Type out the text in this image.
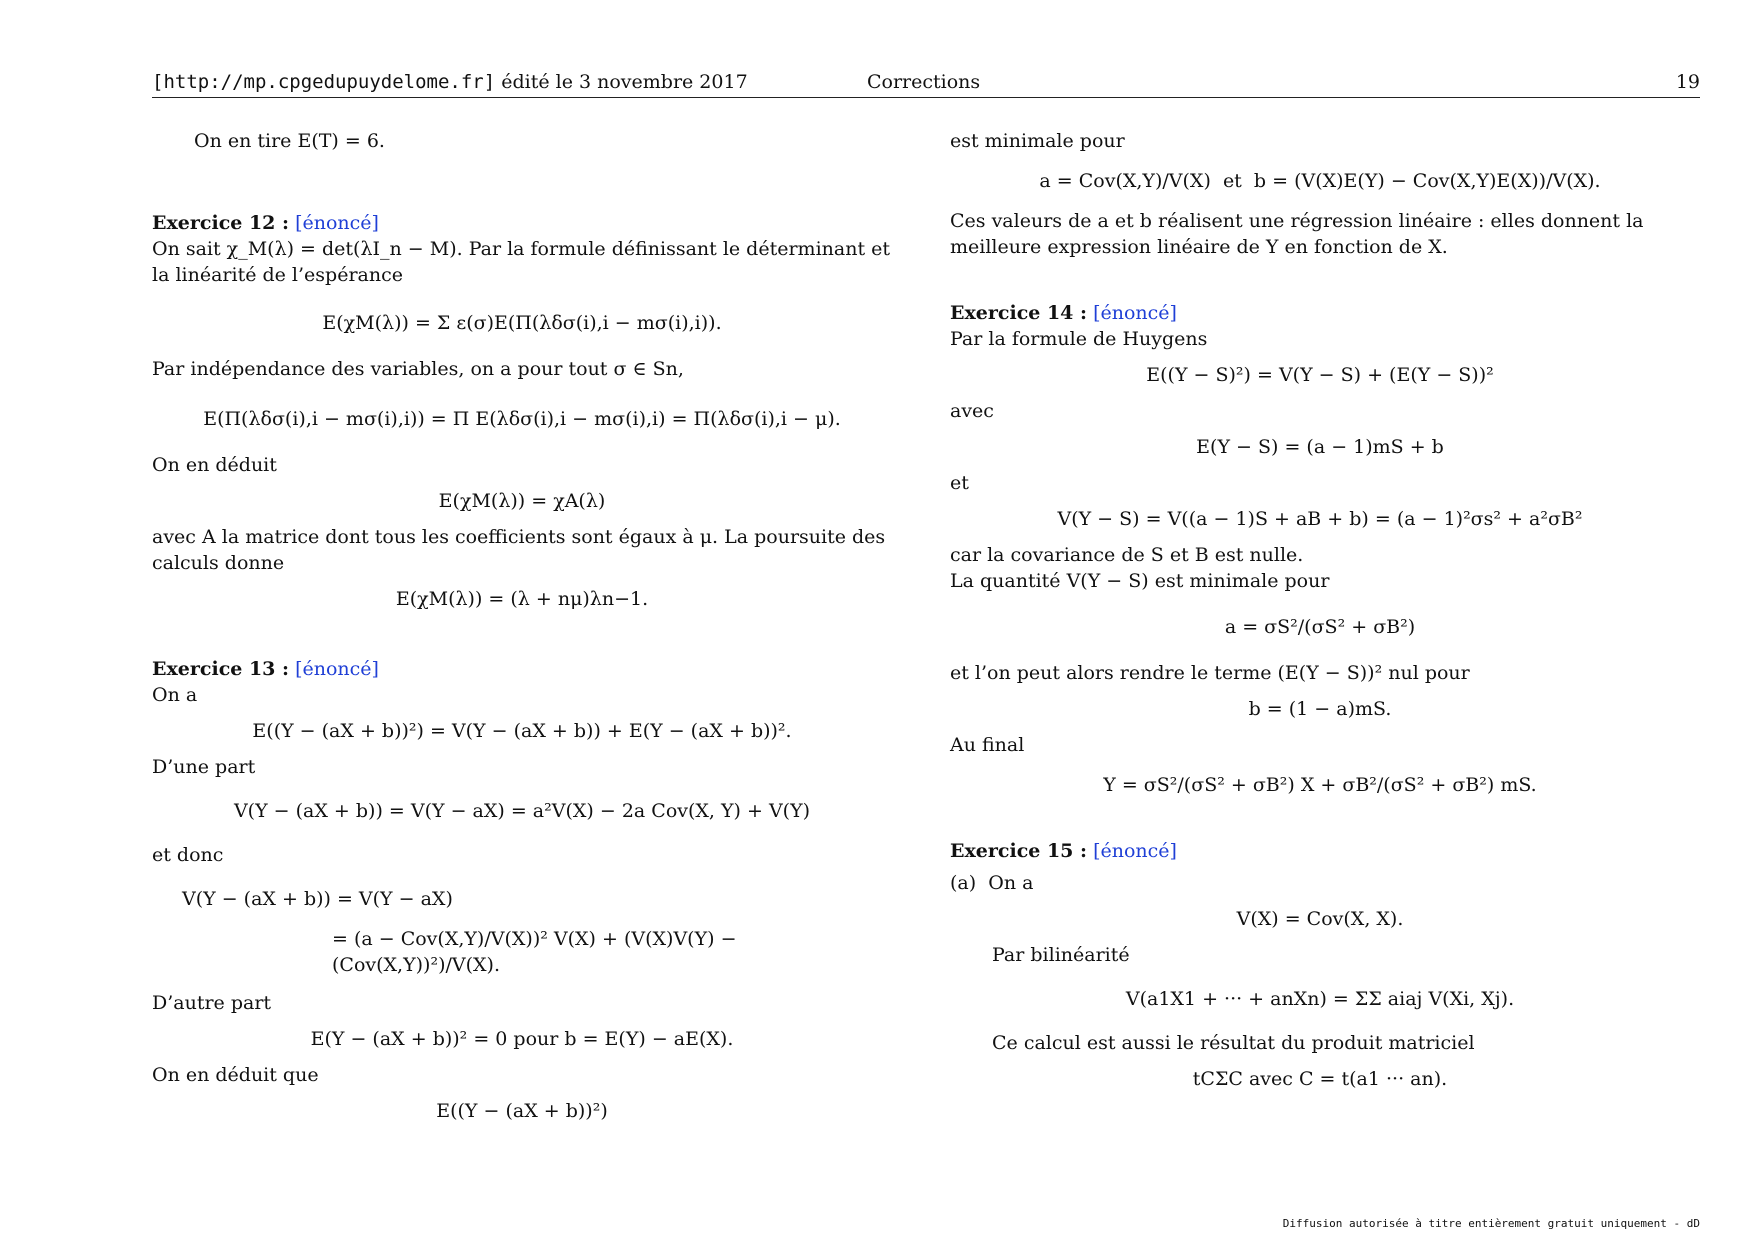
[http://mp.cpgedupuydelome.fr] édité le 3 novembre 2017	Corrections	19

On en tire E(T) = 6.

Exercice 12 : [énoncé]

On sait χ_M(λ) = det(λI_n − M). Par la formule définissant le déterminant et la linéarité de l’espérance

E(χM(λ)) = Σ ε(σ)E(Π(λδσ(i),i − mσ(i),i)).

Par indépendance des variables, on a pour tout σ ∈ Sn,

E(Π(λδσ(i),i − mσ(i),i)) = Π E(λδσ(i),i − mσ(i),i) = Π(λδσ(i),i − μ).

On en déduit

E(χM(λ)) = χA(λ)

avec A la matrice dont tous les coefficients sont égaux à μ. La poursuite des calculs donne

E(χM(λ)) = (λ + nμ)λn−1.

Exercice 13 : [énoncé]

On a

E((Y − (aX + b))²) = V(Y − (aX + b)) + E(Y − (aX + b))².

D’une part

V(Y − (aX + b)) = V(Y − aX) = a²V(X) − 2a Cov(X, Y) + V(Y)

et donc

V(Y − (aX + b)) = V(Y − aX)
= (a − Cov(X,Y)/V(X))² V(X) + (V(X)V(Y) − (Cov(X,Y))²)/V(X).

D’autre part

E(Y − (aX + b))² = 0 pour b = E(Y) − aE(X).

On en déduit que

E((Y − (aX + b))²)

est minimale pour

a = Cov(X,Y)/V(X)  et  b = (V(X)E(Y) − Cov(X,Y)E(X))/V(X).

Ces valeurs de a et b réalisent une régression linéaire : elles donnent la meilleure expression linéaire de Y en fonction de X.

Exercice 14 : [énoncé]

Par la formule de Huygens

E((Y − S)²) = V(Y − S) + (E(Y − S))²

avec

E(Y − S) = (a − 1)mS + b

et

V(Y − S) = V((a − 1)S + aB + b) = (a − 1)²σs² + a²σB²

car la covariance de S et B est nulle.

La quantité V(Y − S) est minimale pour

a = σS²/(σS² + σB²)

et l’on peut alors rendre le terme (E(Y − S))² nul pour

b = (1 − a)mS.

Au final

Y = σS²/(σS² + σB²) X + σB²/(σS² + σB²) mS.

Exercice 15 : [énoncé]

(a) On a

V(X) = Cov(X, X).

Par bilinéarité

V(a1X1 + ··· + anXn) = ΣΣ aiaj V(Xi, Xj).

Ce calcul est aussi le résultat du produit matriciel

tCΣC avec C = t(a1 ··· an).
Diffusion autorisée à titre entièrement gratuit uniquement - dD
